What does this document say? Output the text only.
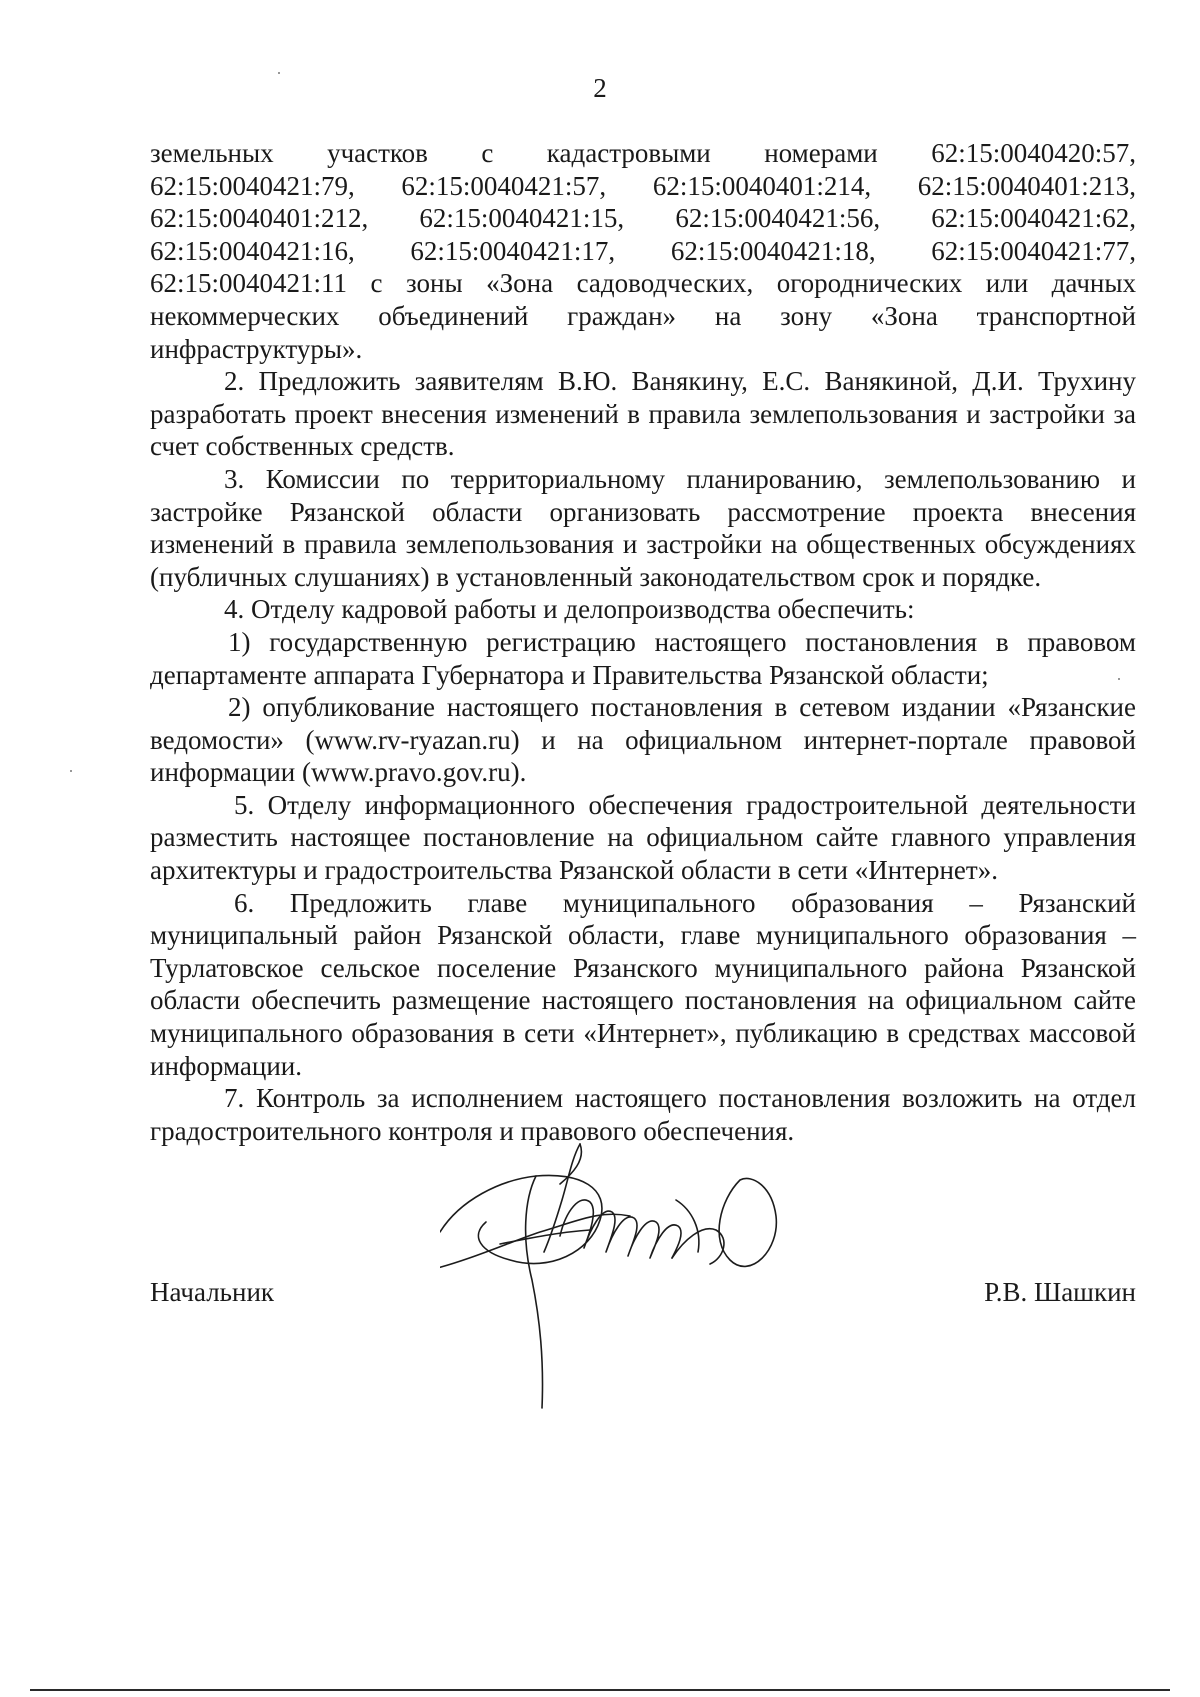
2
земельных участков с кадастровыми номерами 62:15:0040420:57,
62:15:0040421:79, 62:15:0040421:57, 62:15:0040401:214, 62:15:0040401:213,
62:15:0040401:212, 62:15:0040421:15, 62:15:0040421:56, 62:15:0040421:62,
62:15:0040421:16, 62:15:0040421:17, 62:15:0040421:18, 62:15:0040421:77,

62:15:0040421:11 с зоны «Зона садоводческих, огороднических или дачных некоммерческих объединений граждан» на зону «Зона транспортной инфраструктуры».

2. Предложить заявителям В.Ю. Ванякину, Е.С. Ванякиной, Д.И. Трухину разработать проект внесения изменений в правила землепользования и застройки за счет собственных средств.

3. Комиссии по территориальному планированию, землепользованию и застройке Рязанской области организовать рассмотрение проекта внесения изменений в правила землепользования и застройки на общественных обсуждениях (публичных слушаниях) в установленный законодательством срок и порядке.

4. Отделу кадровой работы и делопроизводства обеспечить:

1) государственную регистрацию настоящего постановления в правовом департаменте аппарата Губернатора и Правительства Рязанской области;

2) опубликование настоящего постановления в сетевом издании «Рязанские ведомости» (www.rv-ryazan.ru) и на официальном интернет-портале правовой информации (www.pravo.gov.ru).

5. Отделу информационного обеспечения градостроительной деятельности разместить настоящее постановление на официальном сайте главного управления архитектуры и градостроительства Рязанской области в сети «Интернет».

6. Предложить главе муниципального образования – Рязанский муниципальный район Рязанской области, главе муниципального образования – Турлатовское сельское поселение Рязанского муниципального района Рязанской области обеспечить размещение настоящего постановления на официальном сайте муниципального образования в сети «Интернет», публикацию в средствах массовой информации.

7. Контроль за исполнением настоящего постановления возложить на отдел градостроительного контроля и правового обеспечения.

Начальник	Р.В. Шашкин
